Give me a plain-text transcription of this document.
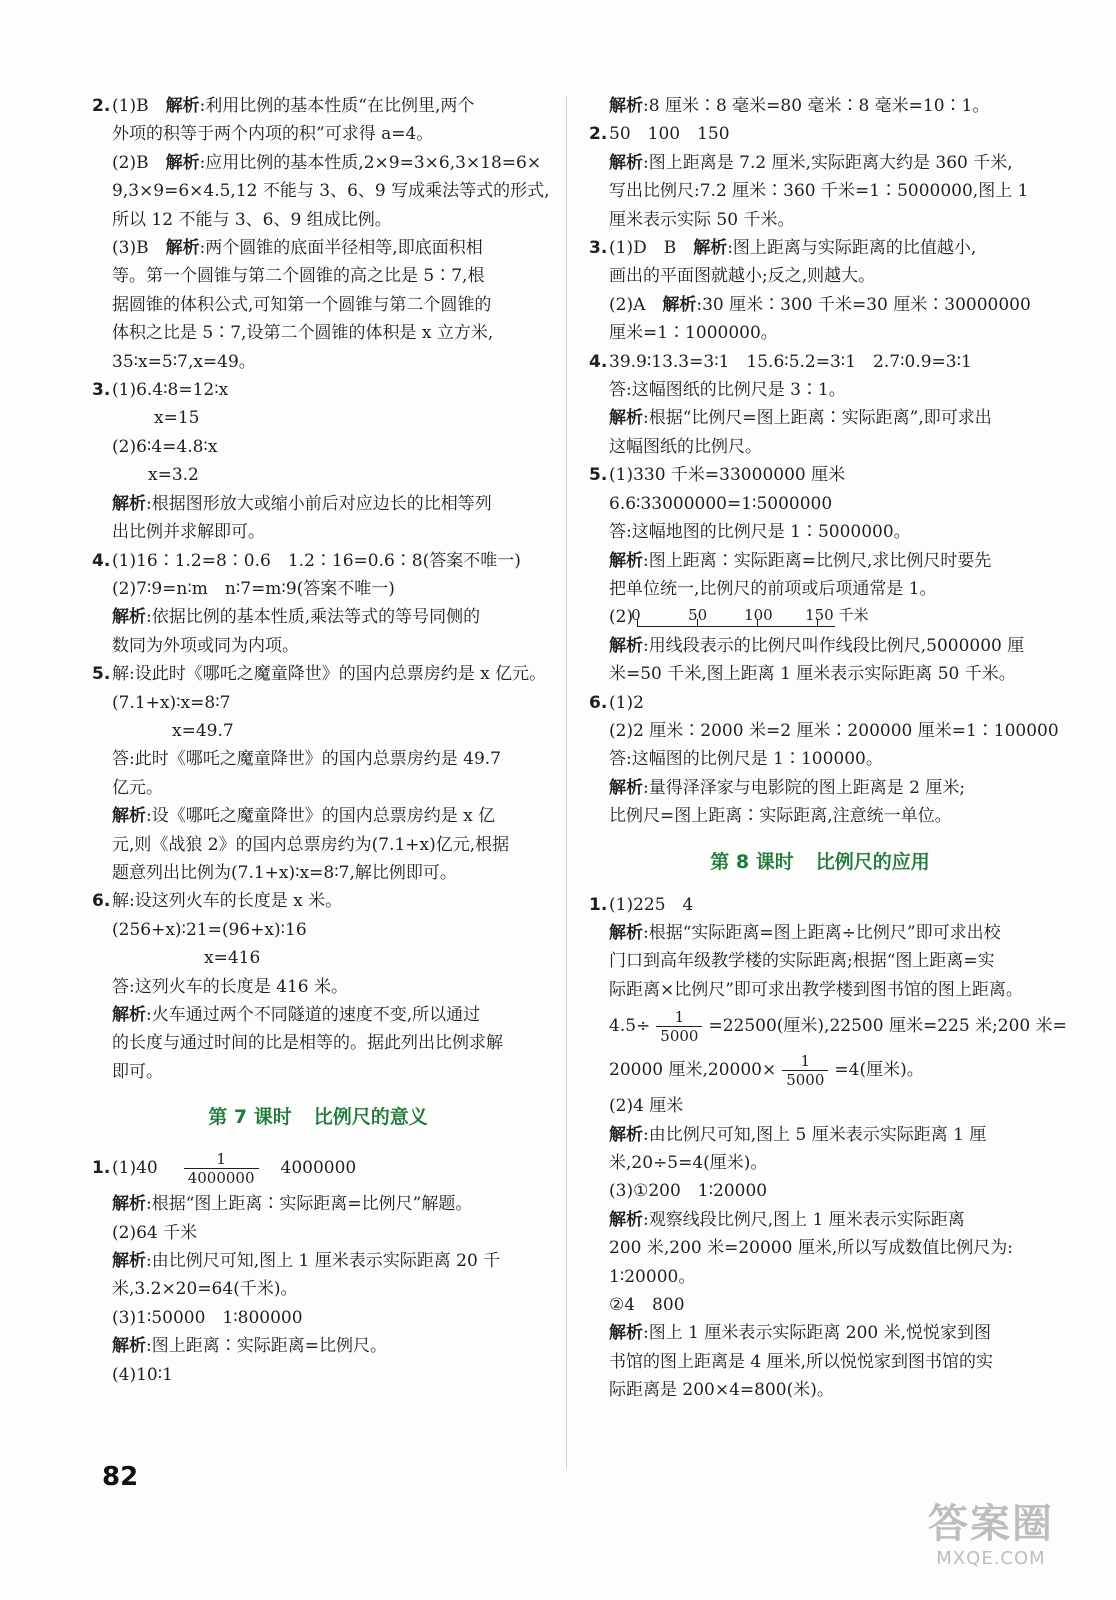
2. (1)B　解析:利用比例的基本性质“在比例里,两个

外项的积等于两个内项的积”可求得 a=4。

(2)B　解析:应用比例的基本性质,2×9=3×6,3×18=6×

9,3×9=6×4.5,12 不能与 3、6、9 写成乘法等式的形式,

所以 12 不能与 3、6、9 组成比例。

(3)B　解析:两个圆锥的底面半径相等,即底面积相

等。第一个圆锥与第二个圆锥的高之比是 5∶7,根

据圆锥的体积公式,可知第一个圆锥与第二个圆锥的

体积之比是 5∶7,设第二个圆锥的体积是 x 立方米,

35∶x=5∶7,x=49。

3. (1)6.4∶8=12∶x

x=15

(2)6∶4=4.8∶x

x=3.2

解析:根据图形放大或缩小前后对应边长的比相等列

出比例并求解即可。

4. (1)16∶1.2=8∶0.6　1.2∶16=0.6∶8(答案不唯一)

(2)7∶9=n∶m　n∶7=m∶9(答案不唯一)

解析:依据比例的基本性质,乘法等式的等号同侧的

数同为外项或同为内项。

5. 解:设此时《哪吒之魔童降世》的国内总票房约是 x 亿元。

(7.1+x)∶x=8∶7

x=49.7

答:此时《哪吒之魔童降世》的国内总票房约是 49.7

亿元。

解析:设《哪吒之魔童降世》的国内总票房约是 x 亿

元,则《战狼 2》的国内总票房约为(7.1+x)亿元,根据

题意列出比例为(7.1+x)∶x=8∶7,解比例即可。

6. 解:设这列火车的长度是 x 米。

(256+x)∶21=(96+x)∶16

x=416

答:这列火车的长度是 416 米。

解析:火车通过两个不同隧道的速度不变,所以通过

的长度与通过时间的比是相等的。据此列出比例求解

即可。

第 7 课时 比例尺的意义

1. $(1)40 \frac{1}{4000000} 4000000$

解析:根据“图上距离∶实际距离=比例尺”解题。

(2)64 千米

解析:由比例尺可知,图上 1 厘米表示实际距离 20 千

米,3.2×20=64(千米)。

(3)1∶50000　1∶800000

解析:图上距离∶实际距离=比例尺。

(4)10∶1

解析:8 厘米∶8 毫米=80 毫米∶8 毫米=10∶1。

2. 50　100　150

解析:图上距离是 7.2 厘米,实际距离大约是 360 千米,

写出比例尺:7.2 厘米∶360 千米=1∶5000000,图上 1

厘米表示实际 50 千米。

3. (1)D　B　解析:图上距离与实际距离的比值越小,

画出的平面图就越小;反之,则越大。

(2)A　解析:30 厘米∶300 千米=30 厘米∶30000000

厘米=1∶1000000。

4. 39.9∶13.3=3∶1　15.6∶5.2=3∶1　2.7∶0.9=3∶1

答:这幅图纸的比例尺是 3∶1。

解析:根据“比例尺=图上距离∶实际距离”,即可求出

这幅图纸的比例尺。

5. (1)330 千米=33000000 厘米

6.6∶33000000=1∶5000000

答:这幅地图的比例尺是 1∶5000000。

解析:图上距离∶实际距离=比例尺,求比例尺时要先

把单位统一,比例尺的前项或后项通常是 1。

(2)
0	50 100 150 千米

解析:用线段表示的比例尺叫作线段比例尺,5000000 厘

米=50 千米,图上距离 1 厘米表示实际距离 50 千米。

6. (1)2

(2)2 厘米∶2000 米=2 厘米∶200000 厘米=1∶100000

答:这幅图的比例尺是 1∶100000。

解析:量得泽泽家与电影院的图上距离是 2 厘米;

比例尺=图上距离∶实际距离,注意统一单位。

第 8 课时 比例尺的应用

1. (1)225　4

解析:根据“实际距离=图上距离÷比例尺”即可求出校

门口到高年级教学楼的实际距离;根据“图上距离=实

际距离×比例尺”即可求出教学楼到图书馆的图上距离。

$4.5\div \frac{1}{5000} =22500$(厘米),22500 厘米=225 米;200 米=

20000 厘米$,20000\times \frac{1}{5000} =4$(厘米)。

(2)4 厘米

解析:由比例尺可知,图上 5 厘米表示实际距离 1 厘

米,20÷5=4(厘米)。

(3)①200　1∶20000

解析:观察线段比例尺,图上 1 厘米表示实际距离

200 米,200 米=20000 厘米,所以写成数值比例尺为:

1∶20000。

②4　800

解析:图上 1 厘米表示实际距离 200 米,悦悦家到图

书馆的图上距离是 4 厘米,所以悦悦家到图书馆的实

际距离是 200×4=800(米)。

82
答案圈
MXQE.COM
